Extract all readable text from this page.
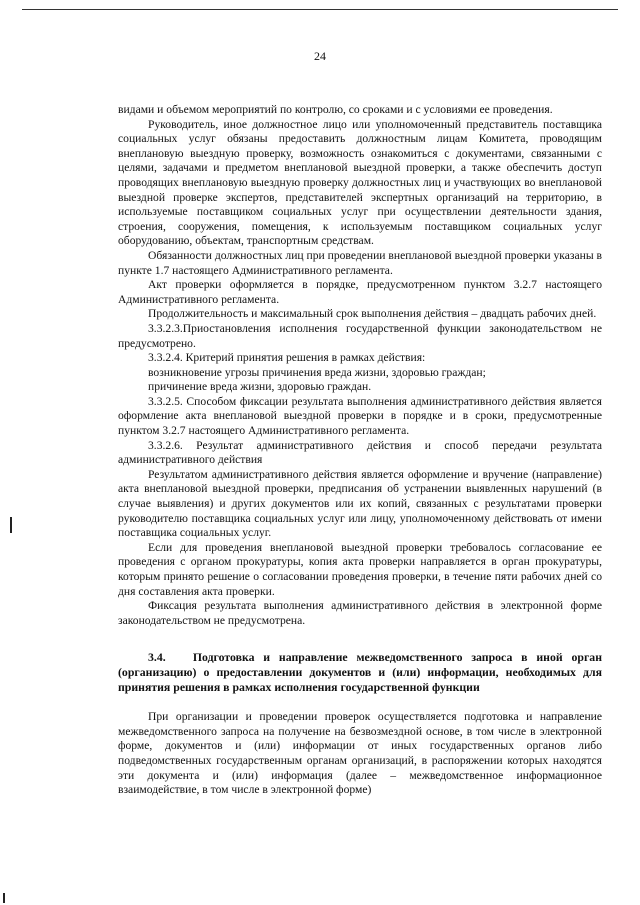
24

видами и объемом мероприятий по контролю, со сроками и с условиями ее проведения.

Руководитель, иное должностное лицо или уполномоченный представитель поставщика социальных услуг обязаны предоставить должностным лицам Комитета, проводящим внеплановую выездную проверку, возможность ознакомиться с документами, связанными с целями, задачами и предметом внеплановой выездной проверки, а также обеспечить доступ проводящих внеплановую выездную проверку должностных лиц и участвующих во внеплановой выездной проверке экспертов, представителей экспертных организаций на территорию, в используемые поставщиком социальных услуг при осуществлении деятельности здания, строения, сооружения, помещения, к используемым поставщиком социальных услуг оборудованию, объектам, транспортным средствам.

Обязанности должностных лиц при проведении внеплановой выездной проверки указаны в пункте 1.7 настоящего Административного регламента.

Акт проверки оформляется в порядке, предусмотренном пунктом 3.2.7 настоящего Административного регламента.

Продолжительность и максимальный срок выполнения действия – двадцать рабочих дней.

3.3.2.3.Приостановления исполнения государственной функции законодательством не предусмотрено.

3.3.2.4. Критерий принятия решения в рамках действия:

возникновение угрозы причинения вреда жизни, здоровью граждан;

причинение вреда жизни, здоровью граждан.

3.3.2.5. Способом фиксации результата выполнения административного действия является оформление акта внеплановой выездной проверки в порядке и в сроки, предусмотренные пунктом 3.2.7 настоящего Административного регламента.

3.3.2.6. Результат административного действия и способ передачи результата административного действия

Результатом административного действия является оформление и вручение (направление) акта внеплановой выездной проверки, предписания об устранении выявленных нарушений (в случае выявления) и других документов или их копий, связанных с результатами проверки руководителю поставщика социальных услуг или лицу, уполномоченному действовать от имени поставщика социальных услуг.

Если для проведения внеплановой выездной проверки требовалось согласование ее проведения с органом прокуратуры, копия акта проверки направляется в орган прокуратуры, которым принято решение о согласовании проведения проверки, в течение пяти рабочих дней со дня составления акта проверки.

Фиксация результата выполнения административного действия в электронной форме законодательством не предусмотрена.

3.4. Подготовка и направление межведомственного запроса в иной орган (организацию) о предоставлении документов и (или) информации, необходимых для принятия решения в рамках исполнения государственной функции

При организации и проведении проверок осуществляется подготовка и направление межведомственного запроса на получение на безвозмездной основе, в том числе в электронной форме, документов и (или) информации от иных государственных органов либо подведомственных государственным органам организаций, в распоряжении которых находятся эти документа и (или) информация (далее – межведомственное информационное взаимодействие, в том числе в электронной форме)
